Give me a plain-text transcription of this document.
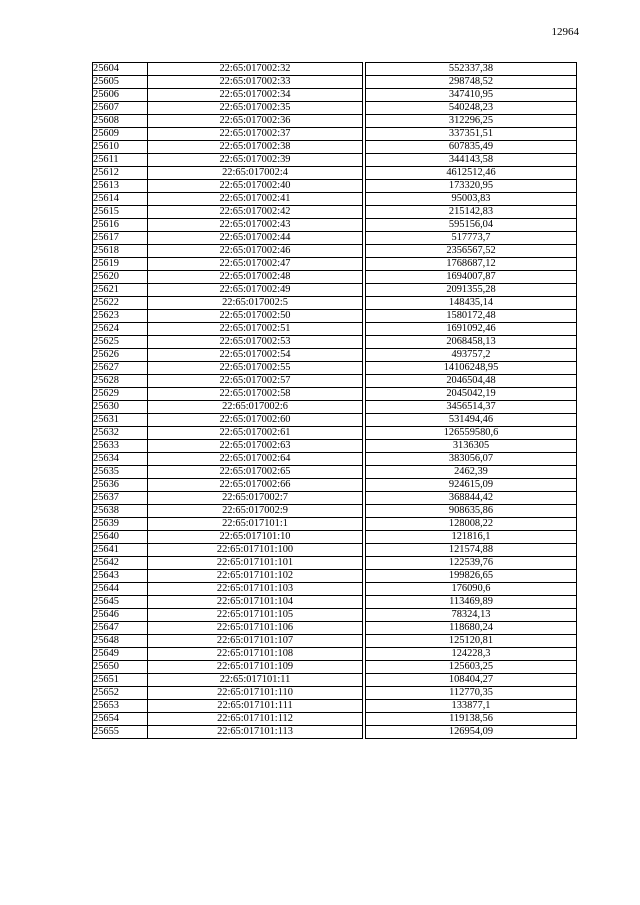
12964
25604	22:65:017002:32		552337,38
25605	22:65:017002:33		298748,52
25606	22:65:017002:34		347410,95
25607	22:65:017002:35		540248,23
25608	22:65:017002:36		312296,25
25609	22:65:017002:37		337351,51
25610	22:65:017002:38		607835,49
25611	22:65:017002:39		344143,58
25612	22:65:017002:4		4612512,46
25613	22:65:017002:40		173320,95
25614	22:65:017002:41		95003,83
25615	22:65:017002:42		215142,83
25616	22:65:017002:43		595156,04
25617	22:65:017002:44		517773,7
25618	22:65:017002:46		2356567,52
25619	22:65:017002:47		1768687,12
25620	22:65:017002:48		1694007,87
25621	22:65:017002:49		2091355,28
25622	22:65:017002:5		148435,14
25623	22:65:017002:50		1580172,48
25624	22:65:017002:51		1691092,46
25625	22:65:017002:53		2068458,13
25626	22:65:017002:54		493757,2
25627	22:65:017002:55		14106248,95
25628	22:65:017002:57		2046504,48
25629	22:65:017002:58		2045042,19
25630	22:65:017002:6		3456514,37
25631	22:65:017002:60		531494,46
25632	22:65:017002:61		126559580,6
25633	22:65:017002:63		3136305
25634	22:65:017002:64		383056,07
25635	22:65:017002:65		2462,39
25636	22:65:017002:66		924615,09
25637	22:65:017002:7		368844,42
25638	22:65:017002:9		908635,86
25639	22:65:017101:1		128008,22
25640	22:65:017101:10		121816,1
25641	22:65:017101:100		121574,88
25642	22:65:017101:101		122539,76
25643	22:65:017101:102		199826,65
25644	22:65:017101:103		176090,6
25645	22:65:017101:104		113469,89
25646	22:65:017101:105		78324,13
25647	22:65:017101:106		118680,24
25648	22:65:017101:107		125120,81
25649	22:65:017101:108		124228,3
25650	22:65:017101:109		125603,25
25651	22:65:017101:11		108404,27
25652	22:65:017101:110		112770,35
25653	22:65:017101:111		133877,1
25654	22:65:017101:112		119138,56
25655	22:65:017101:113		126954,09
